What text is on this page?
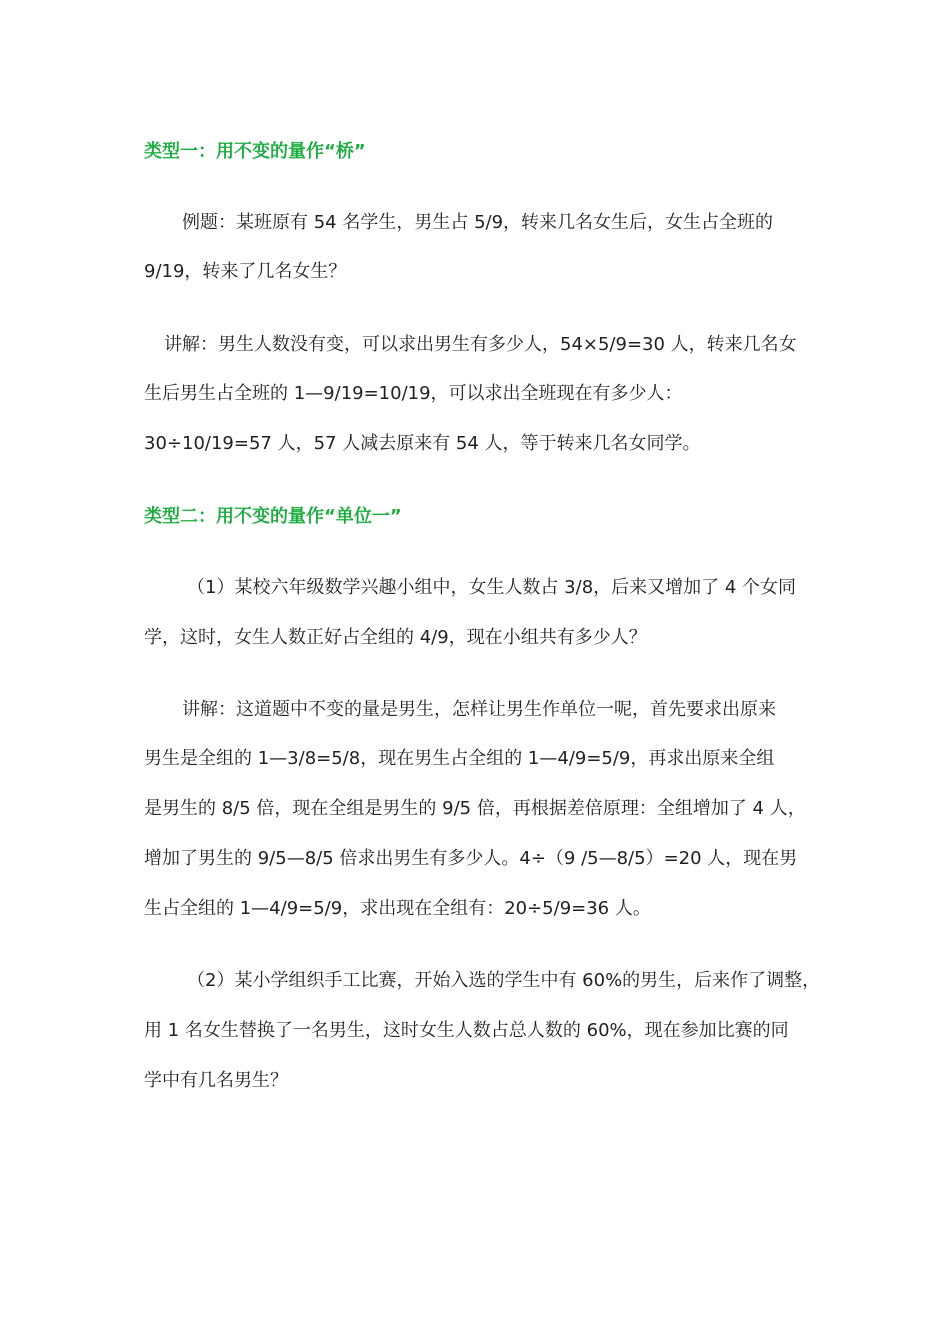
类型一：用不变的量作“桥”
例题：某班原有 54 名学生，男生占 5/9，转来几名女生后，女生占全班的
9/19，转来了几名女生？
讲解：男生人数没有变，可以求出男生有多少人，54×5/9=30 人，转来几名女
生后男生占全班的 1—9/19=10/19，可以求出全班现在有多少人：
30÷10/19=57 人，57 人减去原来有 54 人，等于转来几名女同学。
类型二：用不变的量作“单位一”
（1）某校六年级数学兴趣小组中，女生人数占 3/8，后来又增加了 4 个女同
学，这时，女生人数正好占全组的 4/9，现在小组共有多少人？
讲解：这道题中不变的量是男生，怎样让男生作单位一呢，首先要求出原来
男生是全组的 1—3/8=5/8，现在男生占全组的 1—4/9=5/9，再求出原来全组
是男生的 8/5 倍，现在全组是男生的 9/5 倍，再根据差倍原理：全组增加了 4 人，
增加了男生的 9/5—8/5 倍求出男生有多少人。4÷（9 /5—8/5）=20 人，现在男
生占全组的 1—4/9=5/9，求出现在全组有：20÷5/9=36 人。
（2）某小学组织手工比赛，开始入选的学生中有 60%的男生，后来作了调整，
用 1 名女生替换了一名男生，这时女生人数占总人数的 60%，现在参加比赛的同
学中有几名男生？
